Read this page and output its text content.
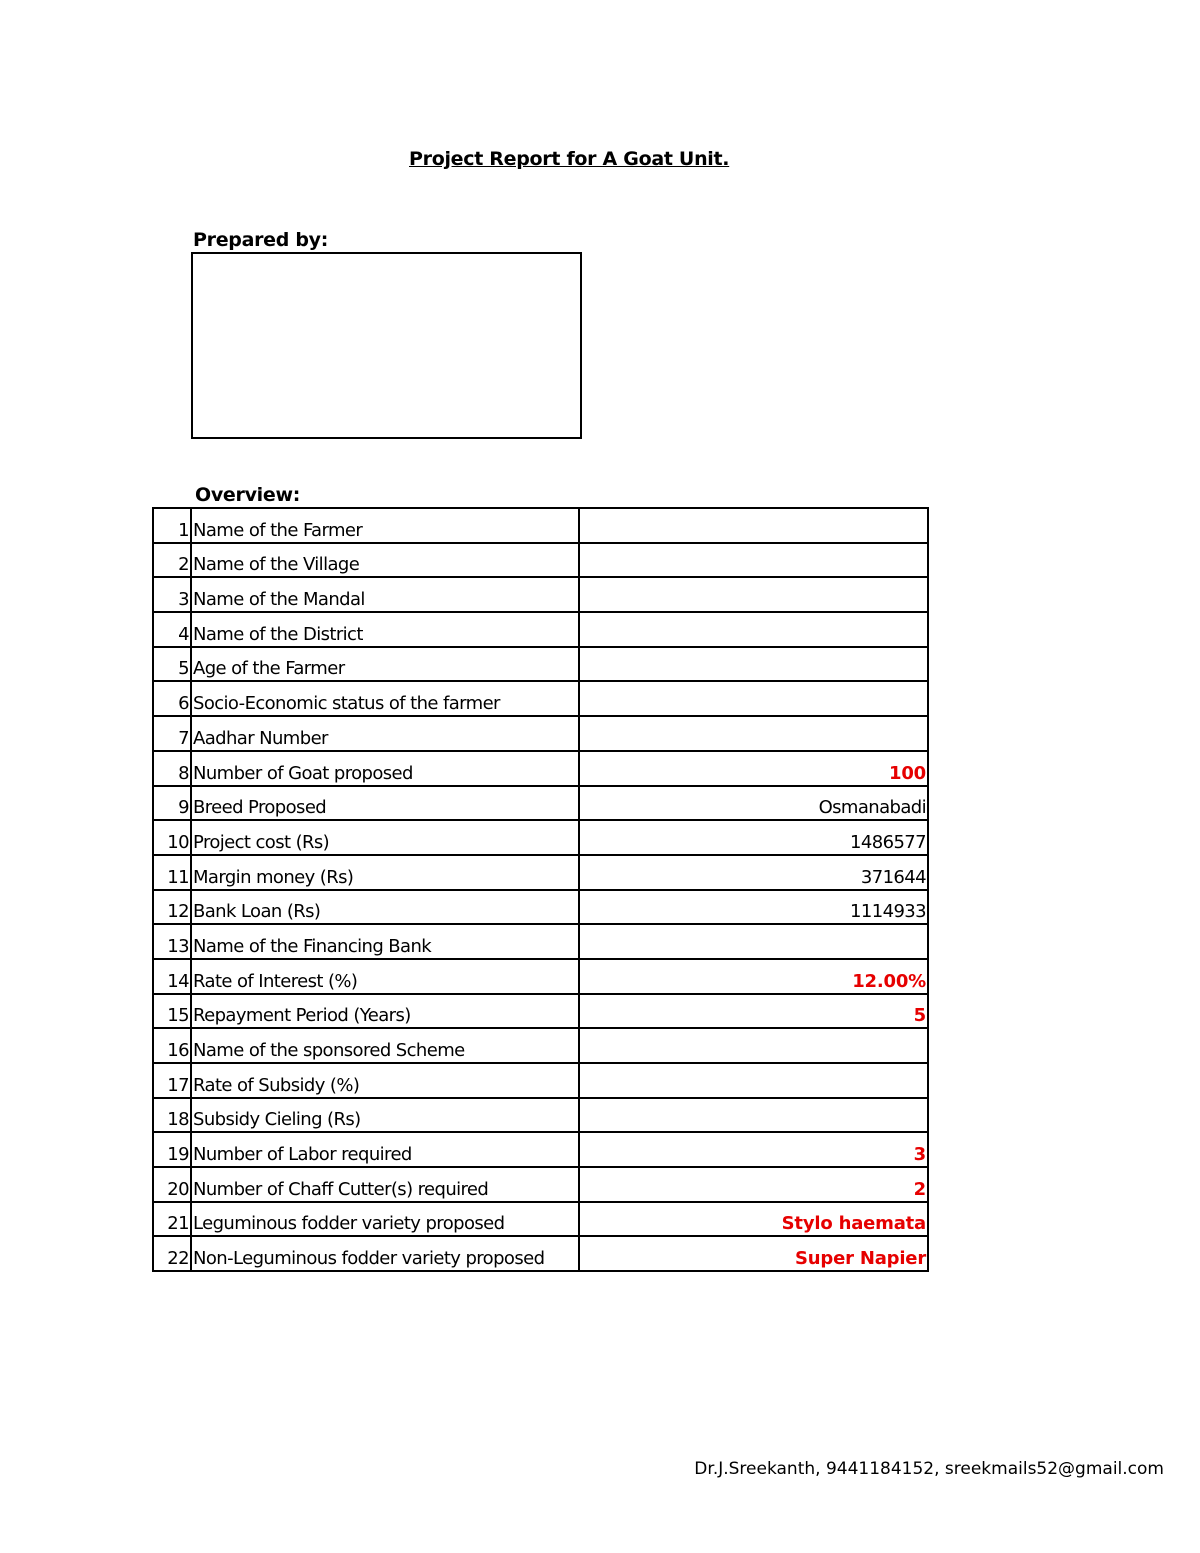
Project Report for A Goat Unit.
Prepared by:
Overview:
1	Name of the Farmer	
2	Name of the Village	
3	Name of the Mandal	
4	Name of the District	
5	Age of the Farmer	
6	Socio-Economic status of the farmer	
7	Aadhar Number	
8	Number of Goat proposed	100
9	Breed Proposed	Osmanabadi
10	Project cost (Rs)	1486577
11	Margin money (Rs)	371644
12	Bank Loan (Rs)	1114933
13	Name of the Financing Bank	
14	Rate of Interest (%)	12.00%
15	Repayment Period (Years)	5
16	Name of the sponsored Scheme	
17	Rate of Subsidy (%)	
18	Subsidy Cieling (Rs)	
19	Number of Labor required	3
20	Number of Chaff Cutter(s) required	2
21	Leguminous fodder variety proposed	Stylo haemata
22	Non-Leguminous fodder variety proposed	Super Napier
Dr.J.Sreekanth, 9441184152, sreekmails52@gmail.com
